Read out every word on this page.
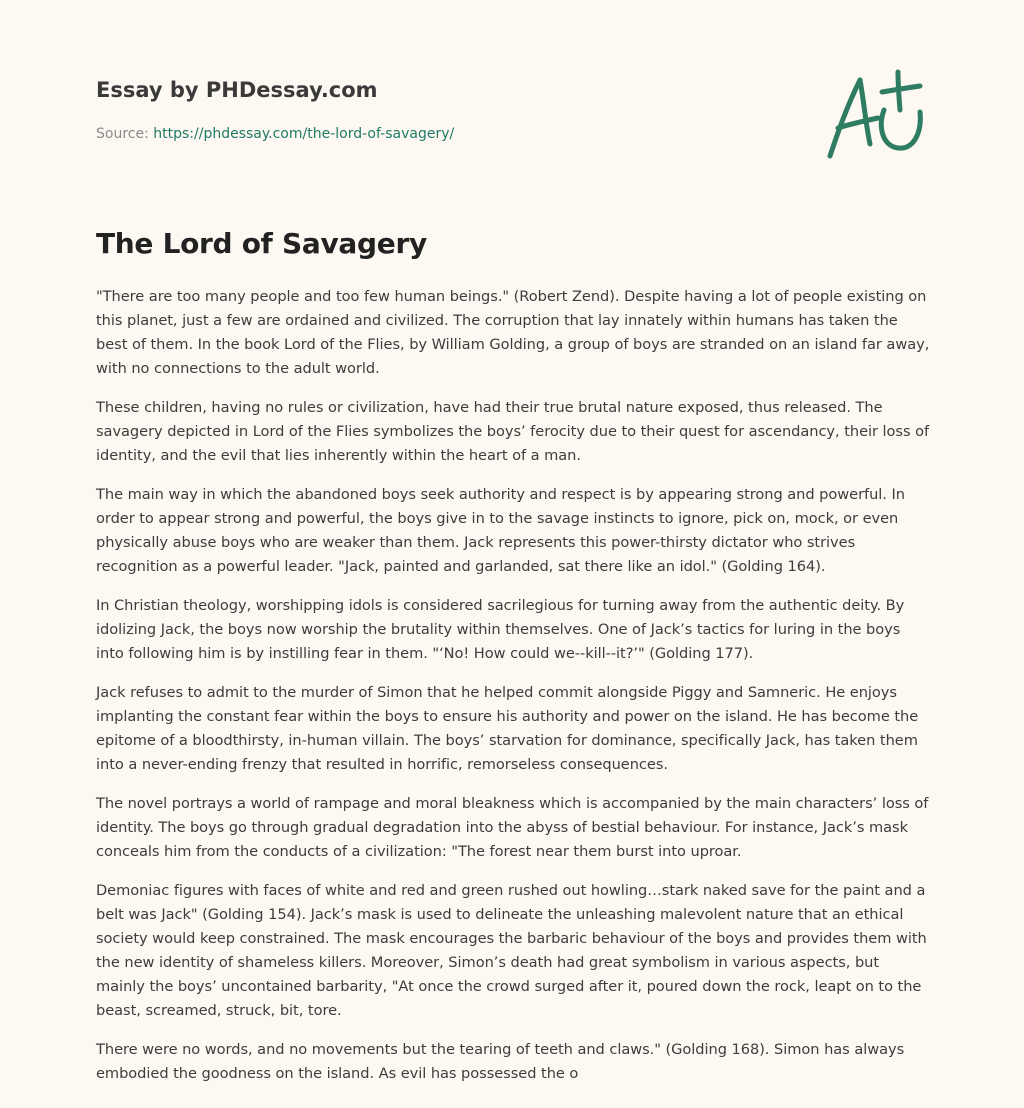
Essay by PHDessay.com
Source: https://phdessay.com/the-lord-of-savagery/
The Lord of Savagery

"There are too many people and too few human beings." (Robert Zend). Despite having a lot of people existing on this planet, just a few are ordained and civilized. The corruption that lay innately within humans has taken the best of them. In the book Lord of the Flies, by William Golding, a group of boys are stranded on an island far away, with no connections to the adult world.

These children, having no rules or civilization, have had their true brutal nature exposed, thus released. The savagery depicted in Lord of the Flies symbolizes the boys’ ferocity due to their quest for ascendancy, their loss of identity, and the evil that lies inherently within the heart of a man.

The main way in which the abandoned boys seek authority and respect is by appearing strong and powerful. In order to appear strong and powerful, the boys give in to the savage instincts to ignore, pick on, mock, or even physically abuse boys who are weaker than them. Jack represents this power-thirsty dictator who strives recognition as a powerful leader. "Jack, painted and garlanded, sat there like an idol." (Golding 164).

In Christian theology, worshipping idols is considered sacrilegious for turning away from the authentic deity. By idolizing Jack, the boys now worship the brutality within themselves. One of Jack’s tactics for luring in the boys into following him is by instilling fear in them. "‘No! How could we--kill--it?’" (Golding 177).

Jack refuses to admit to the murder of Simon that he helped commit alongside Piggy and Samneric. He enjoys implanting the constant fear within the boys to ensure his authority and power on the island. He has become the epitome of a bloodthirsty, in-human villain. The boys’ starvation for dominance, specifically Jack, has taken them into a never-ending frenzy that resulted in horrific, remorseless consequences.

The novel portrays a world of rampage and moral bleakness which is accompanied by the main characters’ loss of identity. The boys go through gradual degradation into the abyss of bestial behaviour. For instance, Jack’s mask conceals him from the conducts of a civilization: "The forest near them burst into uproar.

Demoniac figures with faces of white and red and green rushed out howling…stark naked save for the paint and a belt was Jack" (Golding 154). Jack’s mask is used to delineate the unleashing malevolent nature that an ethical society would keep constrained. The mask encourages the barbaric behaviour of the boys and provides them with the new identity of shameless killers. Moreover, Simon’s death had great symbolism in various aspects, but mainly the boys’ uncontained barbarity, "At once the crowd surged after it, poured down the rock, leapt on to the beast, screamed, struck, bit, tore.

There were no words, and no movements but the tearing of teeth and claws." (Golding 168). Simon has always embodied the goodness on the island. As evil has possessed the o
